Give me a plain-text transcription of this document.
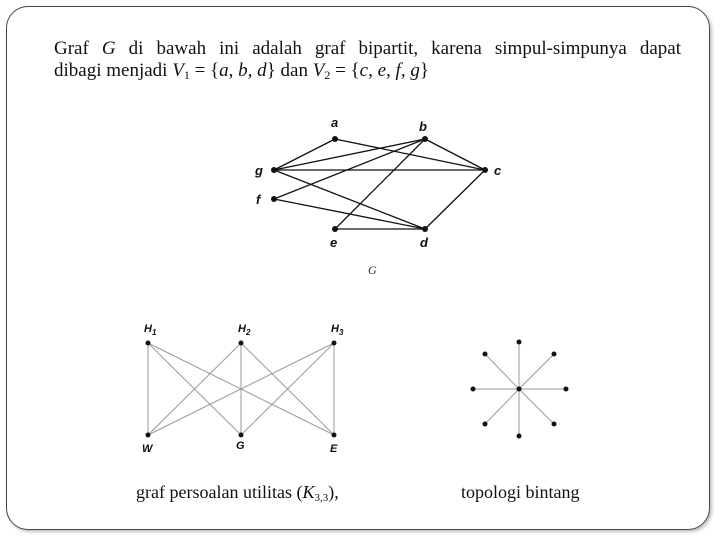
Graf G di bawah ini adalah graf bipartit, karena simpul-simpunya dapat
dibagi menjadi $V_1 = \{a$, b, d} dan $V_2 = \{c$, e, f, g}
a	b
c
d
e
f
g
G
$H_1$	$H_2$	$H_3$
W	G	E
graf persoalan utilitas $(K_{3,3})$,	topologi bintang
